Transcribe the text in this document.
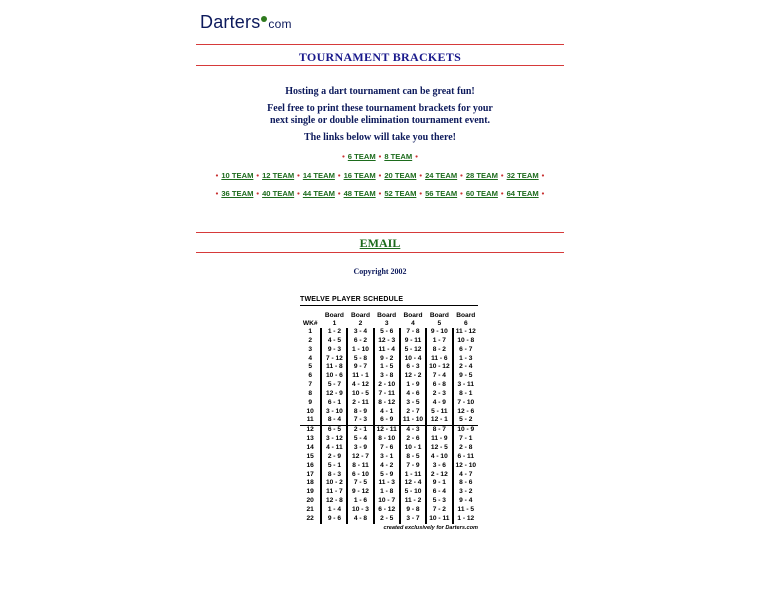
Darters com
TOURNAMENT BRACKETS
Hosting a dart tournament can be great fun!
Feel free to print these tournament brackets for your next single or double elimination tournament event.
The links below will take you there!
• 6 TEAM • 8 TEAM •
• 10 TEAM • 12 TEAM • 14 TEAM • 16 TEAM • 20 TEAM • 24 TEAM • 28 TEAM • 32 TEAM •
• 36 TEAM • 40 TEAM • 44 TEAM • 48 TEAM • 52 TEAM • 56 TEAM • 60 TEAM • 64 TEAM •
EMAIL
Copyright 2002
TWELVE PLAYER SCHEDULE
	Board	Board	Board	Board	Board	Board
WK#	1	2	3	4	5	6
1	1 - 2	3 - 4	5 - 6	7 - 8	9 - 10	11 - 12
2	4 - 5	6 - 2	12 - 3	9 - 11	1 - 7	10 - 8
3	9 - 3	1 - 10	11 - 4	5 - 12	8 - 2	6 - 7
4	7 - 12	5 - 8	9 - 2	10 - 4	11 - 6	1 - 3
5	11 - 8	9 - 7	1 - 5	6 - 3	10 - 12	2 - 4
6	10 - 6	11 - 1	3 - 8	12 - 2	7 - 4	9 - 5
7	5 - 7	4 - 12	2 - 10	1 - 9	6 - 8	3 - 11
8	12 - 9	10 - 5	7 - 11	4 - 6	2 - 3	8 - 1
9	6 - 1	2 - 11	8 - 12	3 - 5	4 - 9	7 - 10
10	3 - 10	8 - 9	4 - 1	2 - 7	5 - 11	12 - 6
11	8 - 4	7 - 3	6 - 9	11 - 10	12 - 1	5 - 2
12	6 - 5	2 - 1	12 - 11	4 - 3	8 - 7	10 - 9
13	3 - 12	5 - 4	8 - 10	2 - 6	11 - 9	7 - 1
14	4 - 11	3 - 9	7 - 6	10 - 1	12 - 5	2 - 8
15	2 - 9	12 - 7	3 - 1	8 - 5	4 - 10	6 - 11
16	5 - 1	8 - 11	4 - 2	7 - 9	3 - 6	12 - 10
17	8 - 3	6 - 10	5 - 9	1 - 11	2 - 12	4 - 7
18	10 - 2	7 - 5	11 - 3	12 - 4	9 - 1	8 - 6
19	11 - 7	9 - 12	1 - 8	5 - 10	6 - 4	3 - 2
20	12 - 8	1 - 6	10 - 7	11 - 2	5 - 3	9 - 4
21	1 - 4	10 - 3	6 - 12	9 - 8	7 - 2	11 - 5
22	9 - 6	4 - 8	2 - 5	3 - 7	10 - 11	1 - 12
created exclusively for Darters.com
